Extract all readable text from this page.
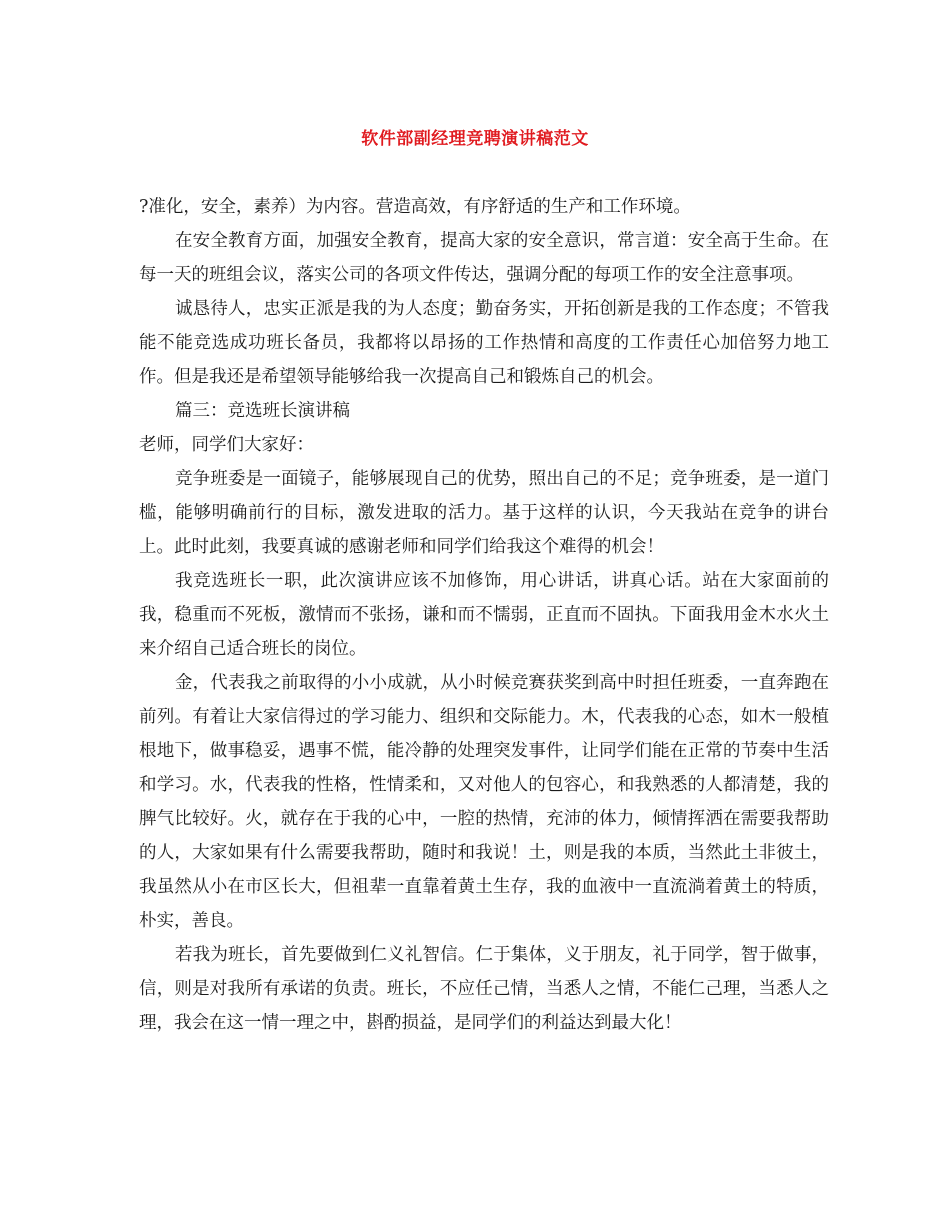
软件部副经理竞聘演讲稿范文

?准化，安全，素养）为内容。营造高效，有序舒适的生产和工作环境。

在安全教育方面，加强安全教育，提高大家的安全意识，常言道：安全高于生命。在每一天的班组会议，落实公司的各项文件传达，强调分配的每项工作的安全注意事项。

诚恳待人，忠实正派是我的为人态度；勤奋务实，开拓创新是我的工作态度；不管我能不能竞选成功班长备员，我都将以昂扬的工作热情和高度的工作责任心加倍努力地工作。但是我还是希望领导能够给我一次提高自己和锻炼自己的机会。

篇三：竞选班长演讲稿

老师，同学们大家好：

竞争班委是一面镜子，能够展现自己的优势，照出自己的不足；竞争班委，是一道门槛，能够明确前行的目标，激发进取的活力。基于这样的认识，今天我站在竞争的讲台上。此时此刻，我要真诚的感谢老师和同学们给我这个难得的机会！

我竞选班长一职，此次演讲应该不加修饰，用心讲话，讲真心话。站在大家面前的我，稳重而不死板，激情而不张扬，谦和而不懦弱，正直而不固执。下面我用金木水火土来介绍自己适合班长的岗位。

金，代表我之前取得的小小成就，从小时候竞赛获奖到高中时担任班委，一直奔跑在前列。有着让大家信得过的学习能力、组织和交际能力。木，代表我的心态，如木一般植根地下，做事稳妥，遇事不慌，能冷静的处理突发事件，让同学们能在正常的节奏中生活和学习。水，代表我的性格，性情柔和，又对他人的包容心，和我熟悉的人都清楚，我的脾气比较好。火，就存在于我的心中，一腔的热情，充沛的体力，倾情挥洒在需要我帮助的人，大家如果有什么需要我帮助，随时和我说！土，则是我的本质，当然此土非彼土，我虽然从小在市区长大，但祖辈一直靠着黄土生存，我的血液中一直流淌着黄土的特质，朴实，善良。

若我为班长，首先要做到仁义礼智信。仁于集体，义于朋友，礼于同学，智于做事，信，则是对我所有承诺的负责。班长，不应任己情，当悉人之情，不能仁己理，当悉人之理，我会在这一情一理之中，斟酌损益，是同学们的利益达到最大化！
